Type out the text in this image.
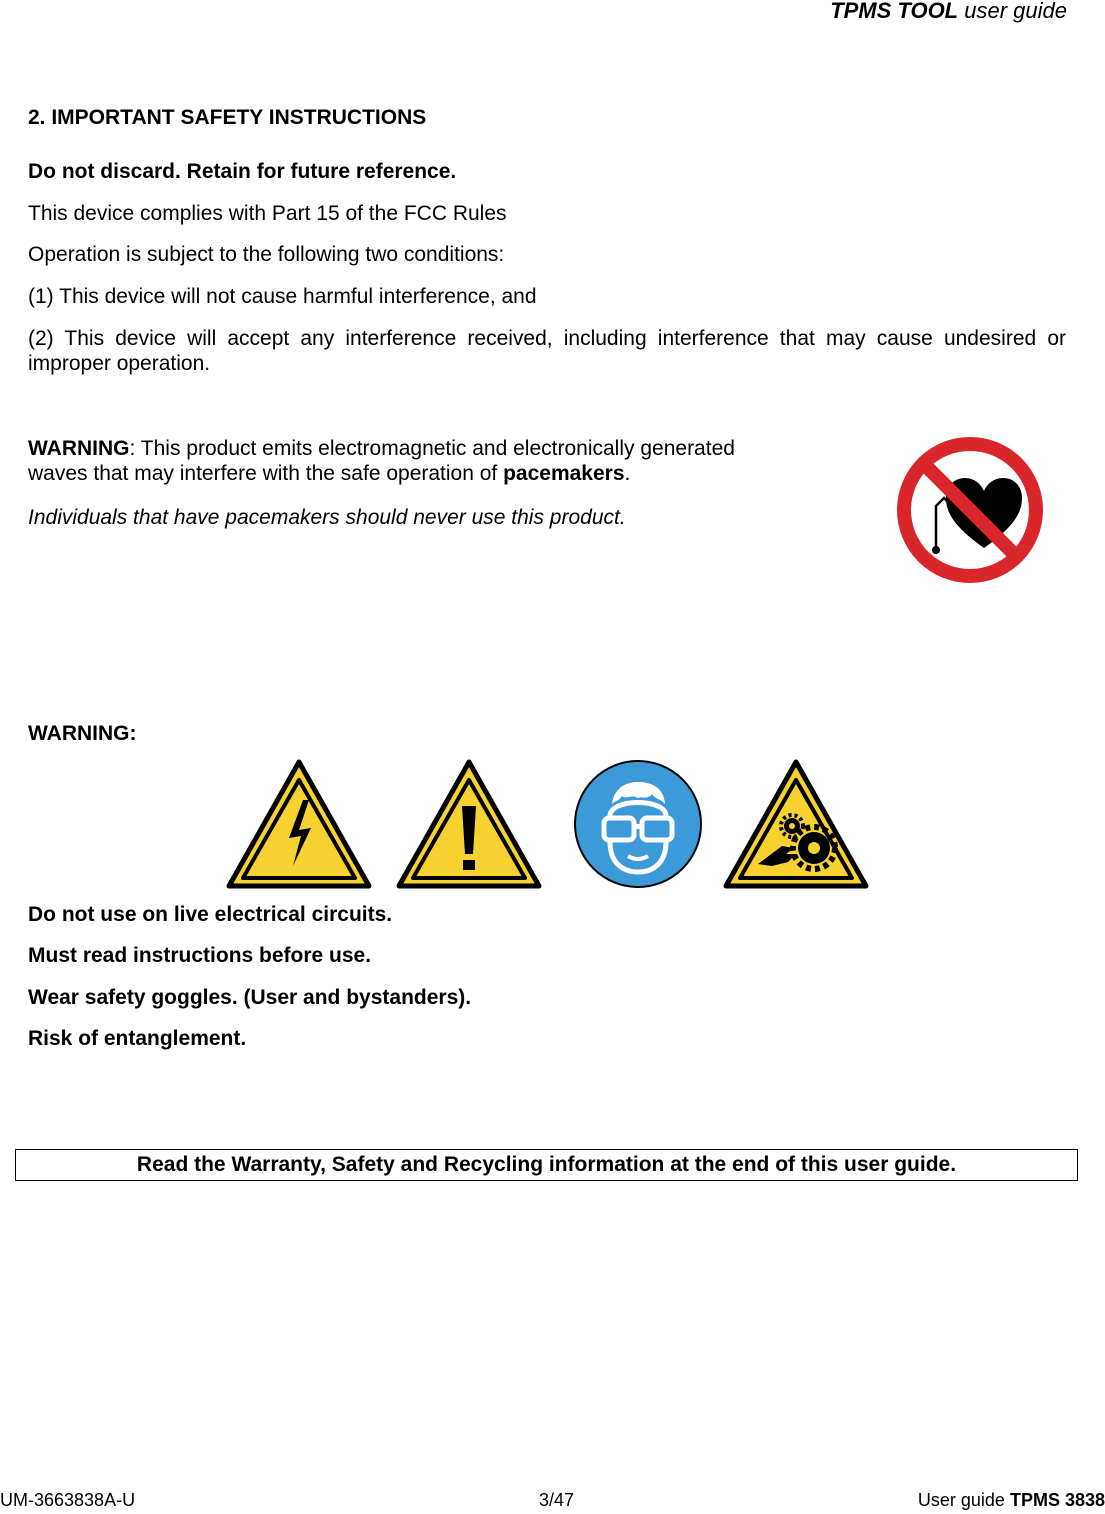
TPMS TOOL user guide
2. IMPORTANT SAFETY INSTRUCTIONS
Do not discard. Retain for future reference.
This device complies with Part 15 of the FCC Rules
Operation is subject to the following two conditions:
(1) This device will not cause harmful interference, and
(2) This device will accept any interference received, including interference that may cause undesired or improper operation.
WARNING: This product emits electromagnetic and electronically generated
waves that may interfere with the safe operation of pacemakers.
Individuals that have pacemakers should never use this product.
WARNING:
Do not use on live electrical circuits.
Must read instructions before use.
Wear safety goggles. (User and bystanders).
Risk of entanglement.
Read the Warranty, Safety and Recycling information at the end of this user guide.
UM-3663838A-U	3/47	User guide TPMS 3838
